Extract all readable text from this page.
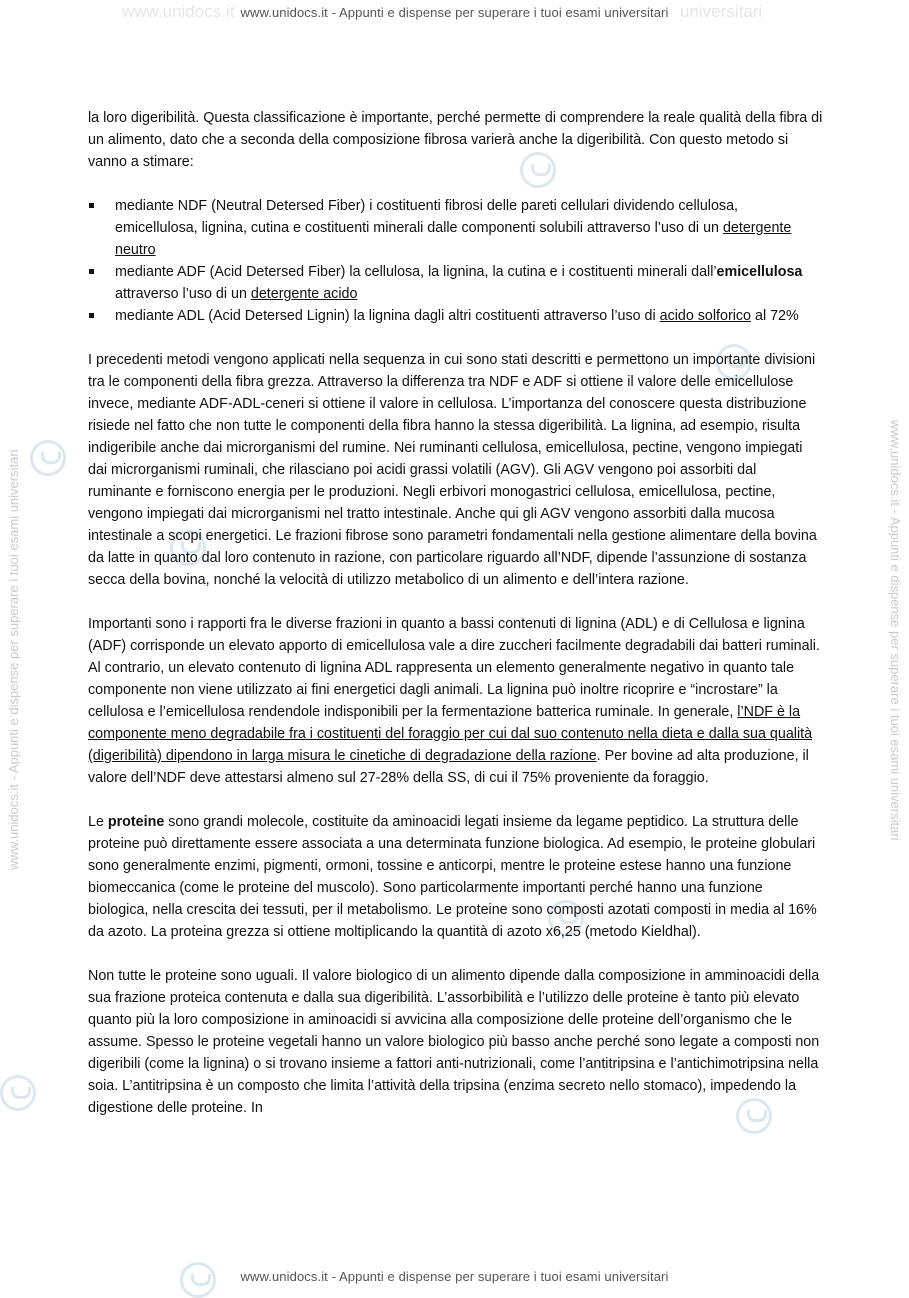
www.unidocs.it	universitari
www.unidocs.it - Appunti e dispense per superare i tuoi esami universitari
www.unidocs.it - Appunti e dispense per superare i tuoi esami universitari	www.unidocs.it - Appunti e dispense per superare i tuoi esami universitari
www.unidocs.it - Appunti e dispense per superare i tuoi esami universitari

la loro digeribilità. Questa classificazione è importante, perché permette di comprendere la reale qualità della fibra di un alimento, dato che a seconda della composizione fibrosa varierà anche la digeribilità. Con questo metodo si vanno a stimare:

mediante NDF (Neutral Detersed Fiber) i costituenti fibrosi delle pareti cellulari dividendo cellulosa, emicellulosa, lignina, cutina e costituenti minerali dalle componenti solubili attraverso l’uso di un detergente neutro
mediante ADF (Acid Detersed Fiber) la cellulosa, la lignina, la cutina e i costituenti minerali dall’emicellulosa attraverso l’uso di un detergente acido
mediante ADL (Acid Detersed Lignin) la lignina dagli altri costituenti attraverso l’uso di acido solforico al 72%

I precedenti metodi vengono applicati nella sequenza in cui sono stati descritti e permettono un importante divisioni tra le componenti della fibra grezza. Attraverso la differenza tra NDF e ADF si ottiene il valore delle emicellulose invece, mediante ADF-ADL-ceneri si ottiene il valore in cellulosa. L’importanza del conoscere questa distribuzione risiede nel fatto che non tutte le componenti della fibra hanno la stessa digeribilità. La lignina, ad esempio, risulta indigeribile anche dai microrganismi del rumine. Nei ruminanti cellulosa, emicellulosa, pectine, vengono impiegati dai microrganismi ruminali, che rilasciano poi acidi grassi volatili (AGV). Gli AGV vengono poi assorbiti dal ruminante e forniscono energia per le produzioni. Negli erbivori monogastrici cellulosa, emicellulosa, pectine, vengono impiegati dai microrganismi nel tratto intestinale. Anche qui gli AGV vengono assorbiti dalla mucosa intestinale a scopi energetici. Le frazioni fibrose sono parametri fondamentali nella gestione alimentare della bovina da latte in quanto dal loro contenuto in razione, con particolare riguardo all’NDF, dipende l’assunzione di sostanza secca della bovina, nonché la velocità di utilizzo metabolico di un alimento e dell’intera razione.

Importanti sono i rapporti fra le diverse frazioni in quanto a bassi contenuti di lignina (ADL) e di Cellulosa e lignina (ADF) corrisponde un elevato apporto di emicellulosa vale a dire zuccheri facilmente degradabili dai batteri ruminali. Al contrario, un elevato contenuto di lignina ADL rappresenta un elemento generalmente negativo in quanto tale componente non viene utilizzato ai fini energetici dagli animali. La lignina può inoltre ricoprire e “incrostare” la cellulosa e l’emicellulosa rendendole indisponibili per la fermentazione batterica ruminale. In generale, l’NDF è la componente meno degradabile fra i costituenti del foraggio per cui dal suo contenuto nella dieta e dalla sua qualità (digeribilità) dipendono in larga misura le cinetiche di degradazione della razione. Per bovine ad alta produzione, il valore dell’NDF deve attestarsi almeno sul 27-28% della SS, di cui il 75% proveniente da foraggio.

Le proteine sono grandi molecole, costituite da aminoacidi legati insieme da legame peptidico. La struttura delle proteine può direttamente essere associata a una determinata funzione biologica. Ad esempio, le proteine globulari sono generalmente enzimi, pigmenti, ormoni, tossine e anticorpi, mentre le proteine estese hanno una funzione biomeccanica (come le proteine del muscolo). Sono particolarmente importanti perché hanno una funzione biologica, nella crescita dei tessuti, per il metabolismo. Le proteine sono composti azotati composti in media al 16% da azoto. La proteina grezza si ottiene moltiplicando la quantità di azoto x6,25 (metodo Kieldhal).

Non tutte le proteine sono uguali. Il valore biologico di un alimento dipende dalla composizione in amminoacidi della sua frazione proteica contenuta e dalla sua digeribilità. L’assorbibilità e l’utilizzo delle proteine è tanto più elevato quanto più la loro composizione in aminoacidi si avvicina alla composizione delle proteine dell’organismo che le assume. Spesso le proteine vegetali hanno un valore biologico più basso anche perché sono legate a composti non digeribili (come la lignina) o si trovano insieme a fattori anti-nutrizionali, come l’antitripsina e l’antichimotripsina nella soia. L’antitripsina è un composto che limita l’attività della tripsina (enzima secreto nello stomaco), impedendo la digestione delle proteine. In
